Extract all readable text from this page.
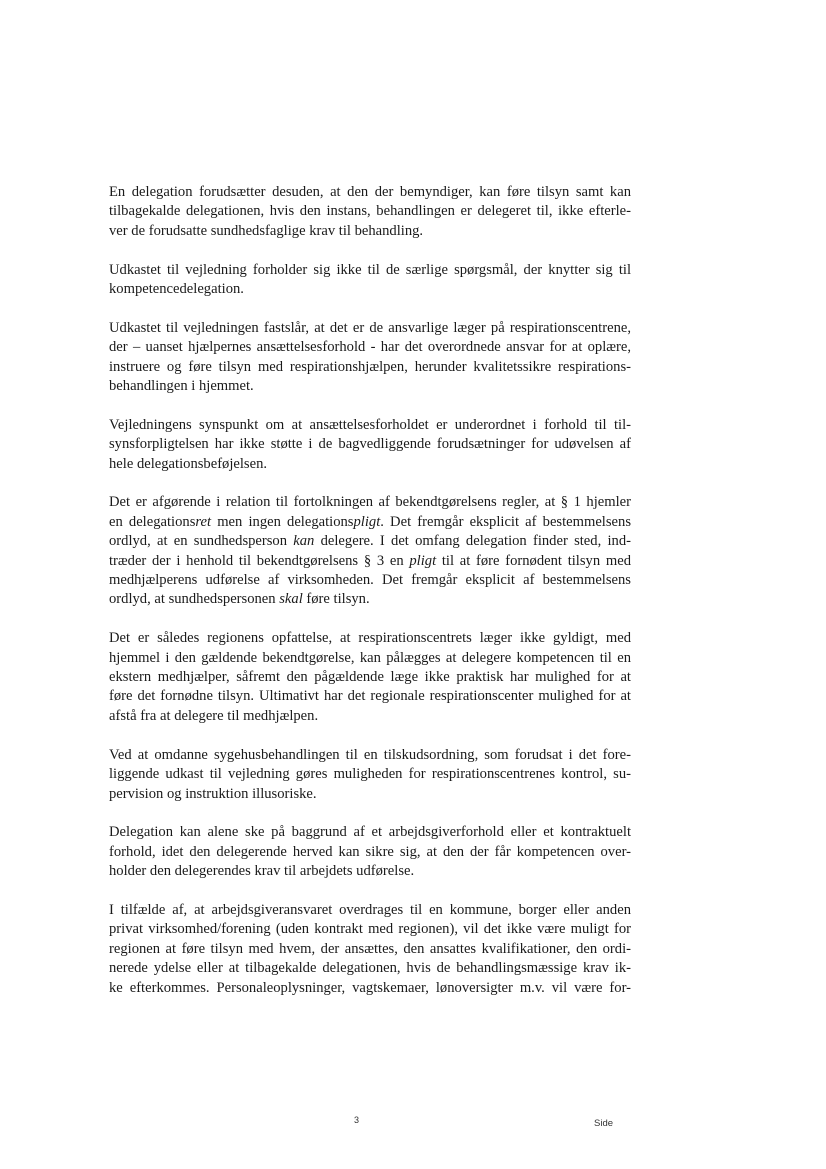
En delegation forudsætter desuden, at den der bemyndiger, kan føre tilsyn samt kan
tilbagekalde delegationen, hvis den instans, behandlingen er delegeret til, ikke efterle-
ver de forudsatte sundhedsfaglige krav til behandling.

Udkastet til vejledning forholder sig ikke til de særlige spørgsmål, der knytter sig til
kompetencedelegation.

Udkastet til vejledningen fastslår, at det er de ansvarlige læger på respirationscentrene,
der – uanset hjælpernes ansættelsesforhold - har det overordnede ansvar for at oplære,
instruere og føre tilsyn med respirationshjælpen, herunder kvalitetssikre respirations-
behandlingen i hjemmet.

Vejledningens synspunkt om at ansættelsesforholdet er underordnet i forhold til til-
synsforpligtelsen har ikke støtte i de bagvedliggende forudsætninger for udøvelsen af
hele delegationsbeføjelsen.

Det er afgørende i relation til fortolkningen af bekendtgørelsens regler, at § 1 hjemler
en delegationsret men ingen delegationspligt. Det fremgår eksplicit af bestemmelsens
ordlyd, at en sundhedsperson kan delegere. I det omfang delegation finder sted, ind-
træder der i henhold til bekendtgørelsens § 3 en pligt til at føre fornødent tilsyn med
medhjælperens udførelse af virksomheden. Det fremgår eksplicit af bestemmelsens
ordlyd, at sundhedspersonen skal føre tilsyn.

Det er således regionens opfattelse, at respirationscentrets læger ikke gyldigt, med
hjemmel i den gældende bekendtgørelse, kan pålægges at delegere kompetencen til en
ekstern medhjælper, såfremt den pågældende læge ikke praktisk har mulighed for at
føre det fornødne tilsyn. Ultimativt har det regionale respirationscenter mulighed for at
afstå fra at delegere til medhjælpen.

Ved at omdanne sygehusbehandlingen til en tilskudsordning, som forudsat i det fore-
liggende udkast til vejledning gøres muligheden for respirationscentrenes kontrol, su-
pervision og instruktion illusoriske.

Delegation kan alene ske på baggrund af et arbejdsgiverforhold eller et kontraktuelt
forhold, idet den delegerende herved kan sikre sig, at den der får kompetencen over-
holder den delegerendes krav til arbejdets udførelse.

I tilfælde af, at arbejdsgiveransvaret overdrages til en kommune, borger eller anden
privat virksomhed/forening (uden kontrakt med regionen), vil det ikke være muligt for
regionen at føre tilsyn med hvem, der ansættes, den ansattes kvalifikationer, den ordi-
nerede ydelse eller at tilbagekalde delegationen, hvis de behandlingsmæssige krav ik-
ke efterkommes. Personaleoplysninger, vagtskemaer, lønoversigter m.v. vil være for-

3	Side
